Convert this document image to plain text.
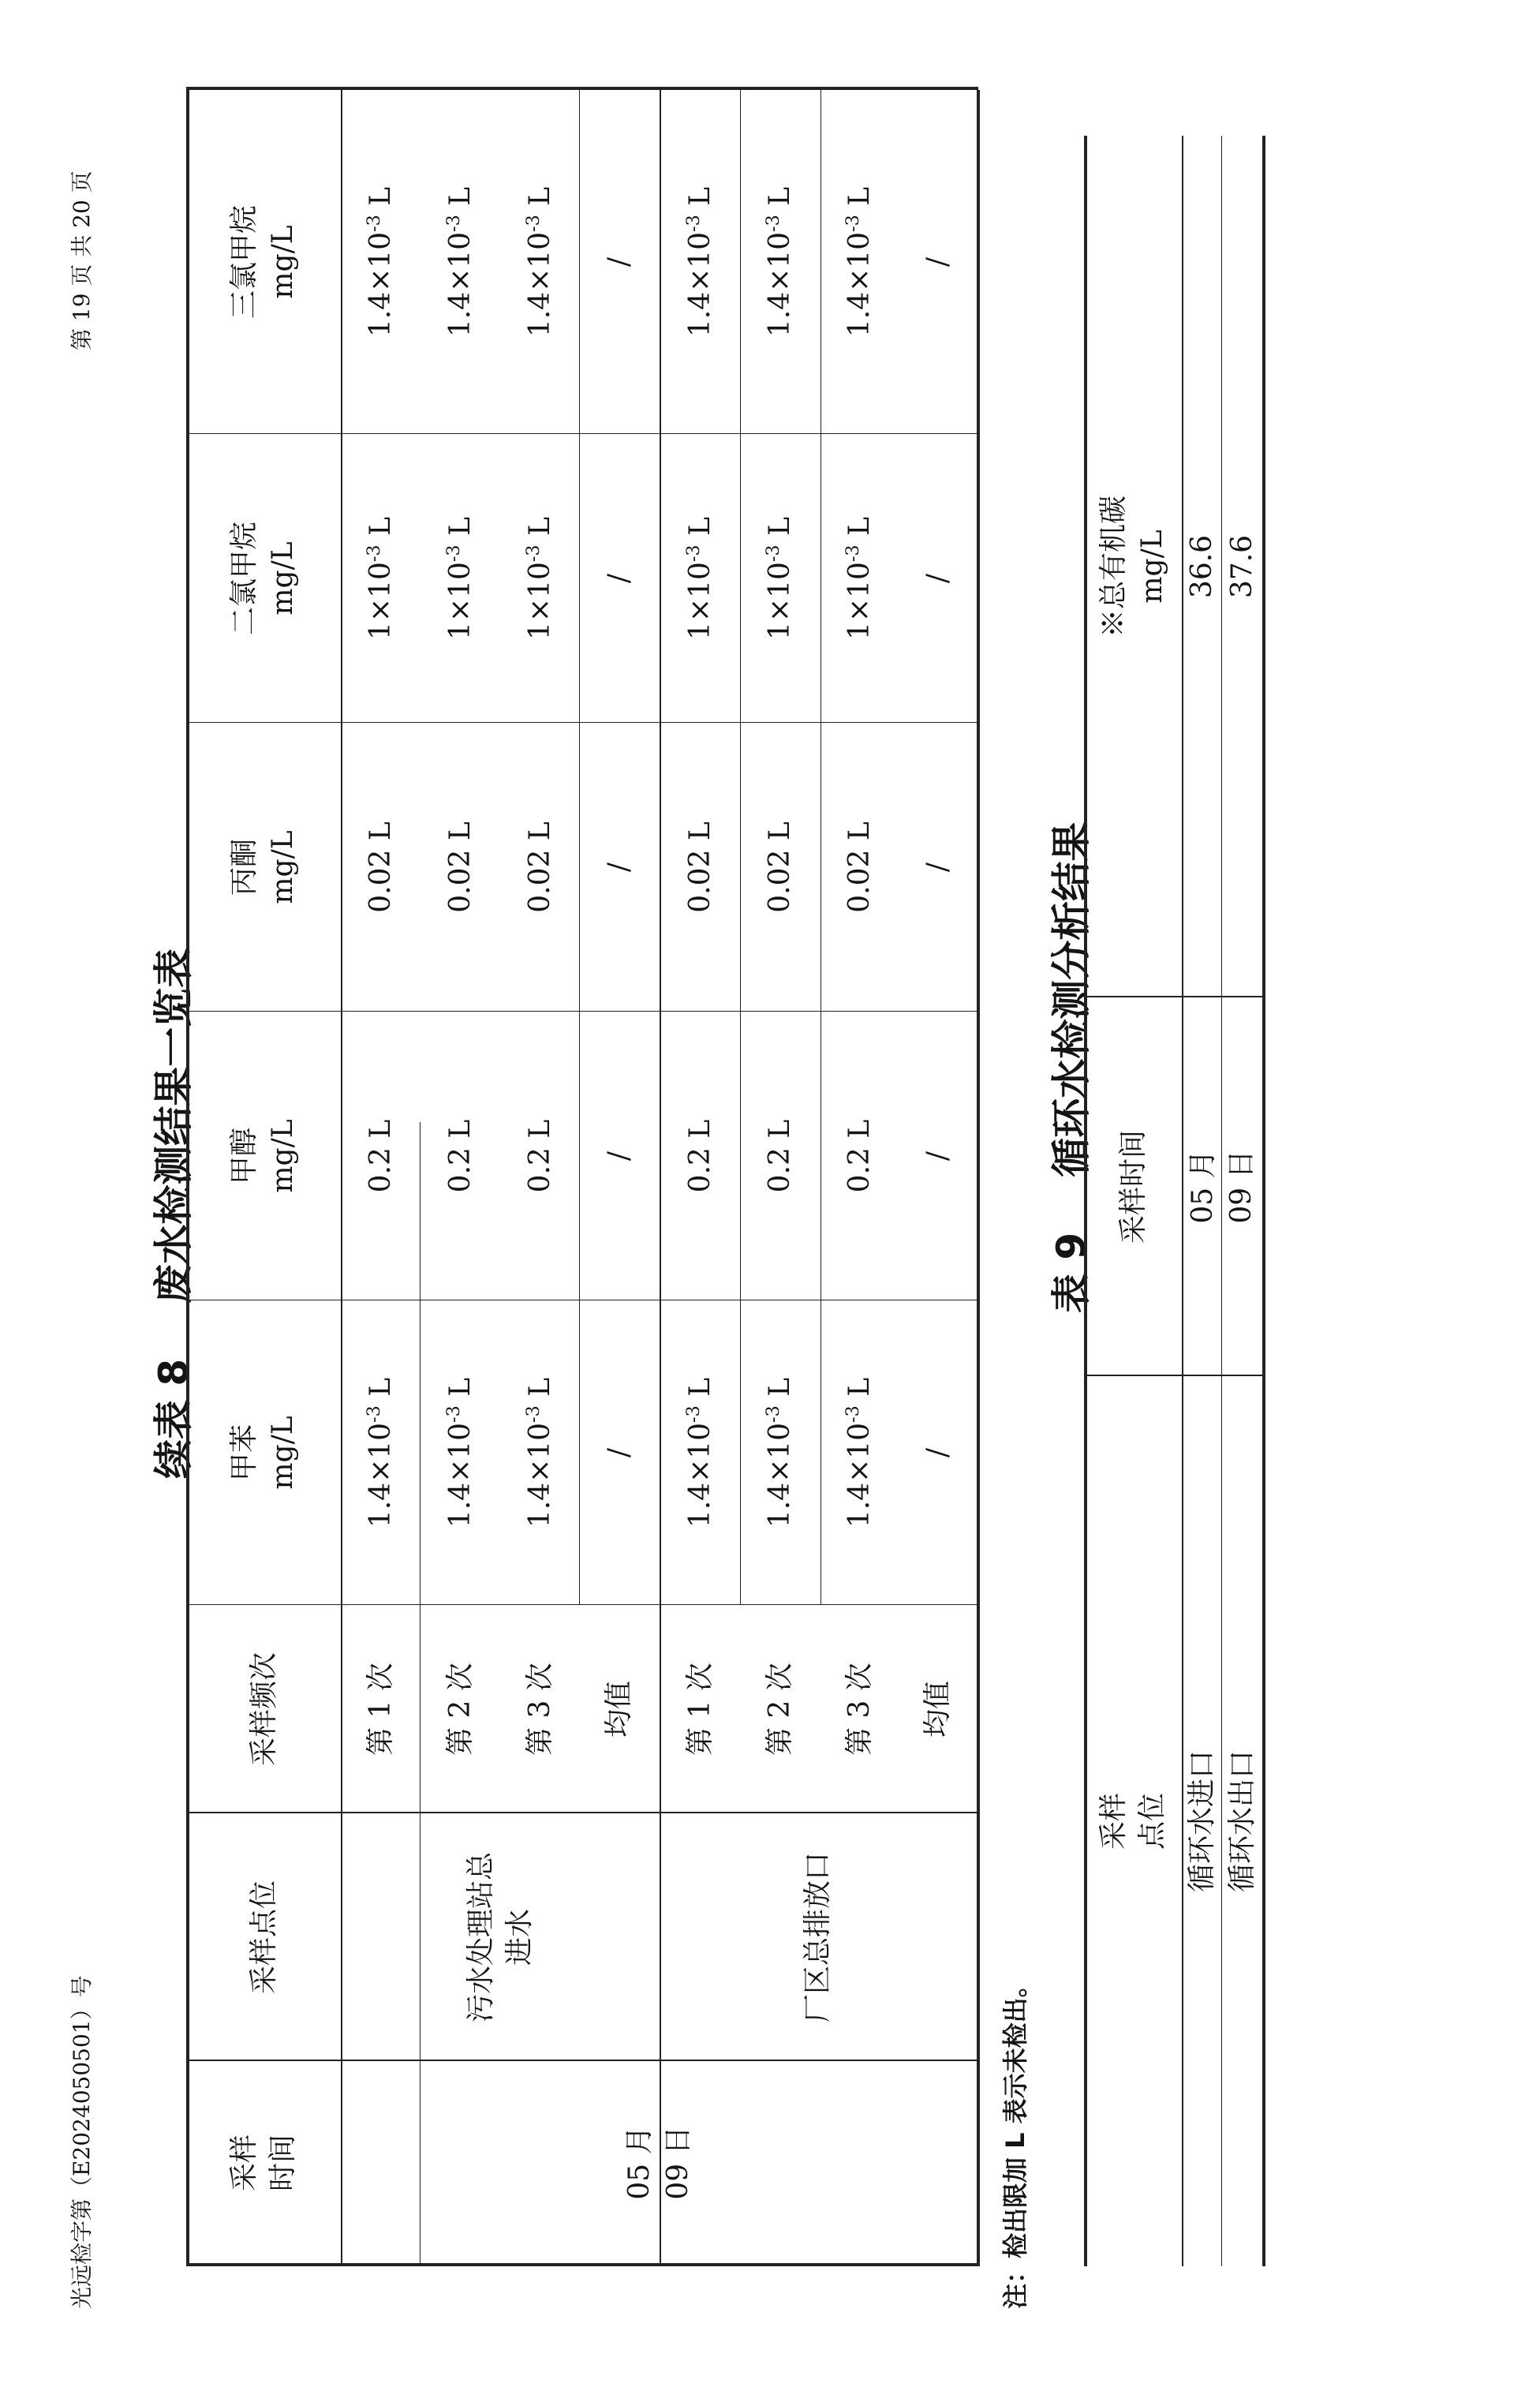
光远检字第（E2024050501）号
第 19 页 共 20 页
续表 8废水检测结果一览表
采样 时间
采样点位
采样频次
甲苯 mg/L
甲醇 mg/L
丙酮 mg/L
二氯甲烷 mg/L
三氯甲烷 mg/L
05 月 09 日
污水处理站总 进水	厂区总排放口
第 1 次
$1.4\times 10^{-3}$ L
0.2 L
0.02 L
$1\times 10^{-3}$ L
$1.4\times 10^{-3}$ L
第 2 次
$1.4\times 10^{-3}$ L
0.2 L
0.02 L
$1\times 10^{-3}$ L
$1.4\times 10^{-3}$ L
第 3 次
$1.4\times 10^{-3}$ L
0.2 L
0.02 L
$1\times 10^{-3}$ L
$1.4\times 10^{-3}$ L
均值
/
/
/
/
/
第 1 次
$1.4\times 10^{-3}$ L
0.2 L
0.02 L
$1\times 10^{-3}$ L
$1.4\times 10^{-3}$ L
第 2 次
$1.4\times 10^{-3}$ L
0.2 L
0.02 L
$1\times 10^{-3}$ L
$1.4\times 10^{-3}$ L
第 3 次
$1.4\times 10^{-3}$ L
0.2 L
0.02 L
$1\times 10^{-3}$ L
$1.4\times 10^{-3}$ L
均值
/
/
/
/
/
注：检出限加 L 表示未检出。
表 9循环水检测分析结果
采样 点位
采样时间
※总有机碳 mg/L
循环水进口 循环水出口
05 月 09 日
36.6 37.6
